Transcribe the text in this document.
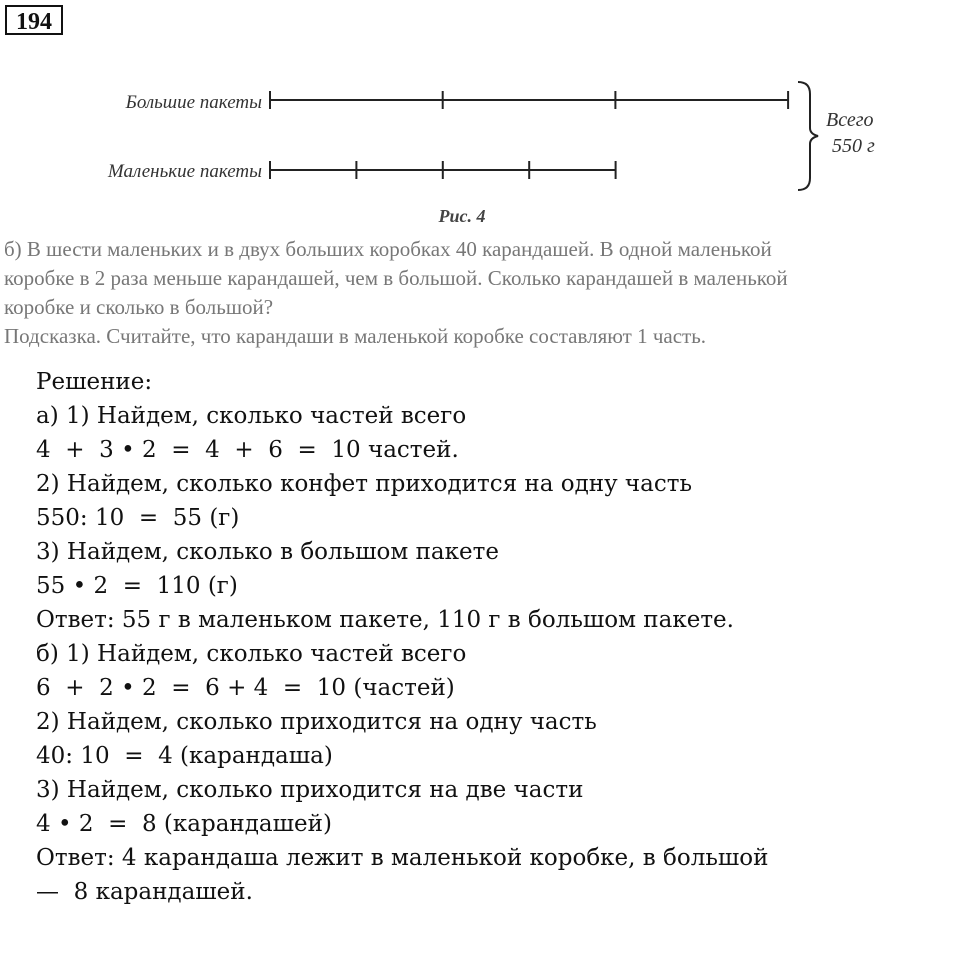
194
Большие пакеты
Маленькие пакеты
Всего
550 г
Рис. 4

б) В шести маленьких и в двух больших коробках 40 карандашей. В одной маленькой

коробке в 2 раза меньше карандашей, чем в большой. Сколько карандашей в маленькой

коробке и сколько в большой?

Подсказка. Считайте, что карандаши в маленькой коробке составляют 1 часть.

Решение:
а) 1) Найдем, сколько частей всего
4  +  3 • 2  =  4  +  6  =  10 частей.
2) Найдем, сколько конфет приходится на одну часть
550: 10  =  55 (г)
3) Найдем, сколько в большом пакете
55 • 2  =  110 (г)
Ответ: 55 г в маленьком пакете, 110 г в большом пакете.
б) 1) Найдем, сколько частей всего
6  +  2 • 2  =  6 + 4  =  10 (частей)
2) Найдем, сколько приходится на одну часть
40: 10  =  4 (карандаша)
3) Найдем, сколько приходится на две части
4 • 2  =  8 (карандашей)
Ответ: 4 карандаша лежит в маленькой коробке, в большой
—  8 карандашей.
